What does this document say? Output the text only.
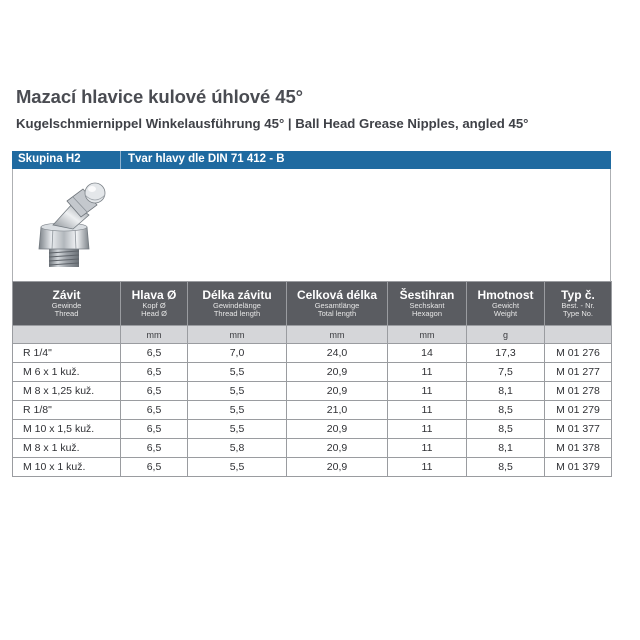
Mazací hlavice kulové úhlové 45°

Kugelschmiernippel Winkelausführung 45° | Ball Head Grease Nipples, angled 45°

Skupina H2	Tvar hlavy dle DIN 71 412 - B
Závit
Gewinde
Thread	Hlava Ø
Kopf Ø
Head Ø	Délka závitu
Gewindelänge
Thread length	Celková délka
Gesamtlänge
Total length	Šestihran
Sechskant
Hexagon	Hmotnost
Gewicht
Weight	Typ č.
Best. - Nr.
Type No.

	mm	mm	mm	mm	g	
R 1/4"	6,5	7,0	24,0	14	17,3	M 01 276
M 6 x 1 kuž.	6,5	5,5	20,9	11	7,5	M 01 277
M 8 x 1,25 kuž.	6,5	5,5	20,9	11	8,1	M 01 278
R 1/8"	6,5	5,5	21,0	11	8,5	M 01 279
M 10 x 1,5 kuž.	6,5	5,5	20,9	11	8,5	M 01 377
M 8 x 1 kuž.	6,5	5,8	20,9	11	8,1	M 01 378
M 10 x 1 kuž.	6,5	5,5	20,9	11	8,5	M 01 379
